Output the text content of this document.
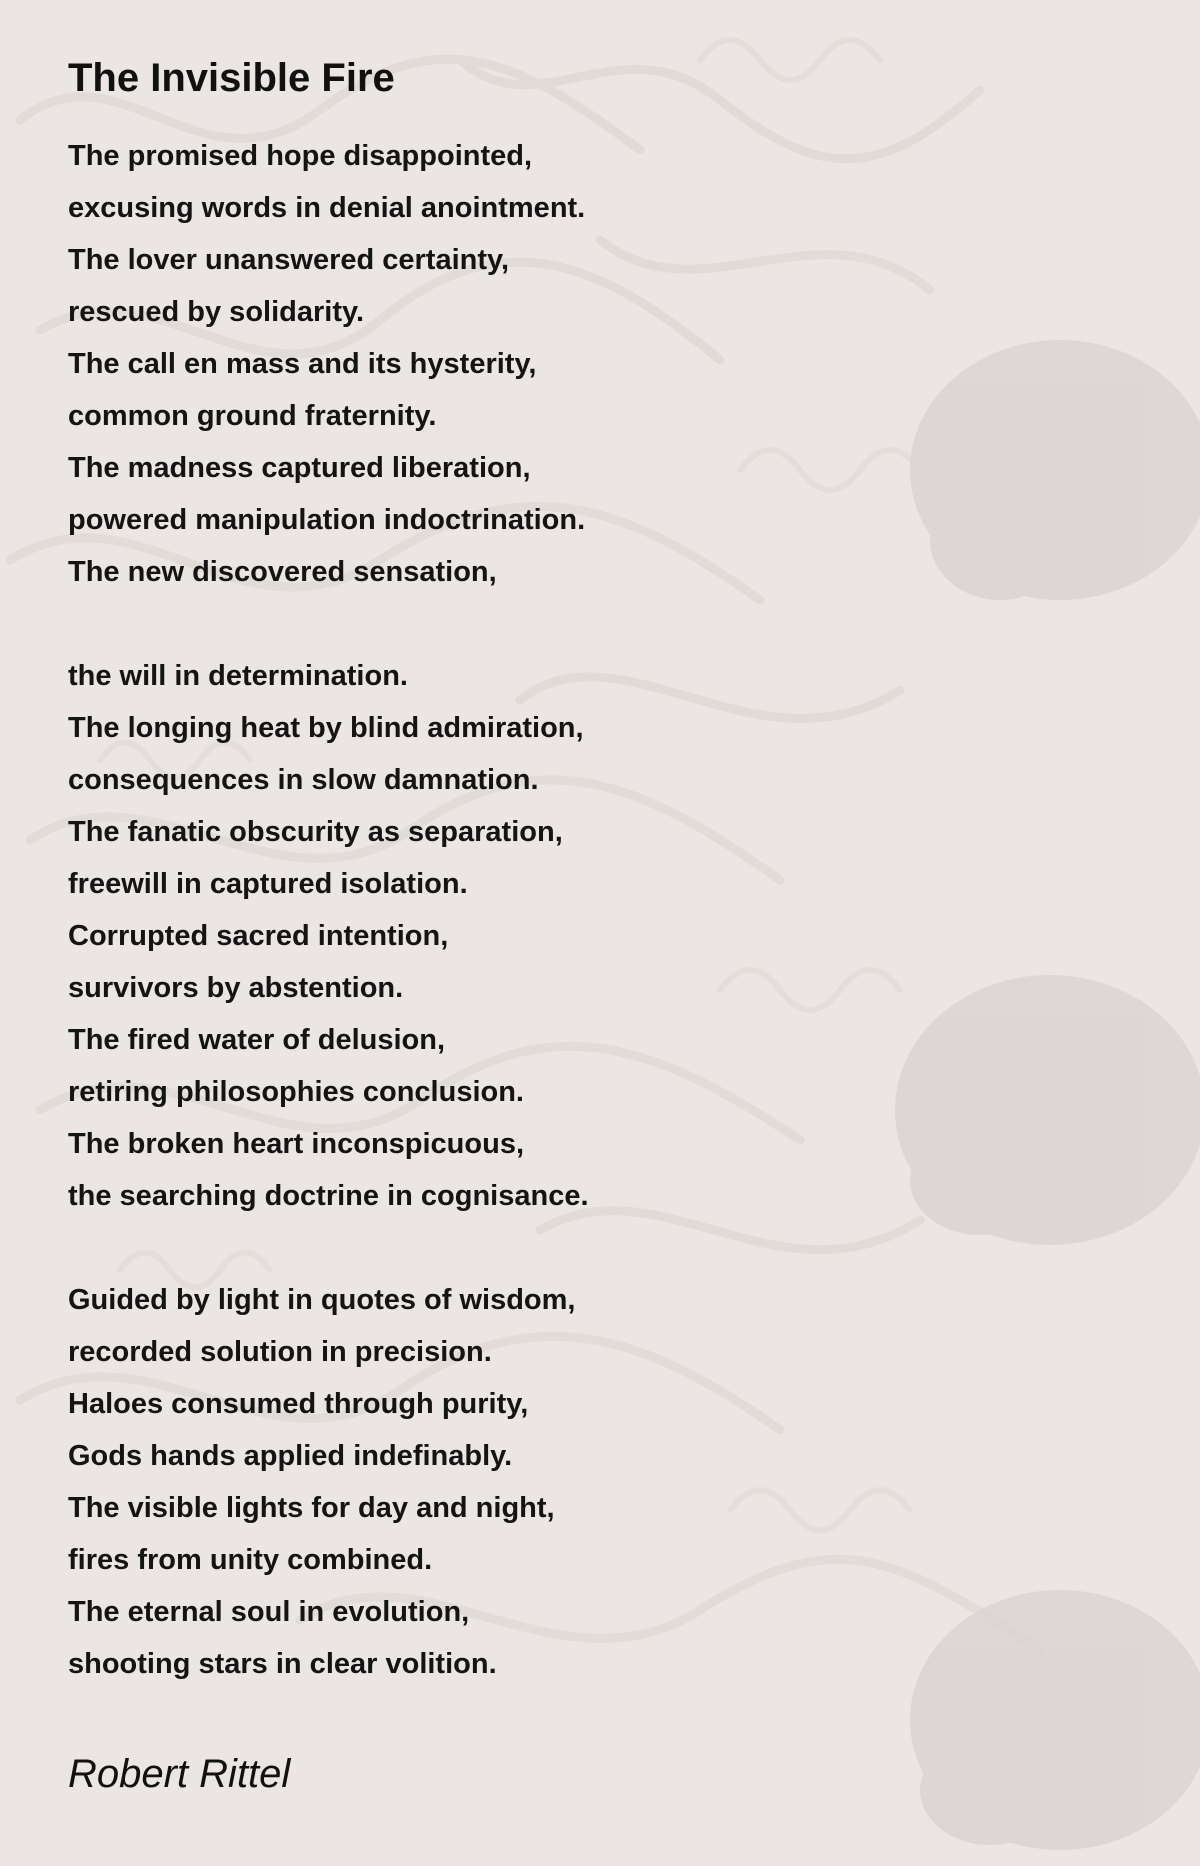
The Invisible Fire
The promised hope disappointed,
excusing words in denial anointment.
The lover unanswered certainty,
rescued by solidarity.
The call en mass and its hysterity,
common ground fraternity.
The madness captured liberation,
powered manipulation indoctrination.
The new discovered sensation,
the will in determination.
The longing heat by blind admiration,
consequences in slow damnation.
The fanatic obscurity as separation,
freewill in captured isolation.
Corrupted sacred intention,
survivors by abstention.
The fired water of delusion,
retiring philosophies conclusion.
The broken heart inconspicuous,
the searching doctrine in cognisance.
Guided by light in quotes of wisdom,
recorded solution in precision.
Haloes consumed through purity,
Gods hands applied indefinably.
The visible lights for day and night,
fires from unity combined.
The eternal soul in evolution,
shooting stars in clear volition.
Robert Rittel
